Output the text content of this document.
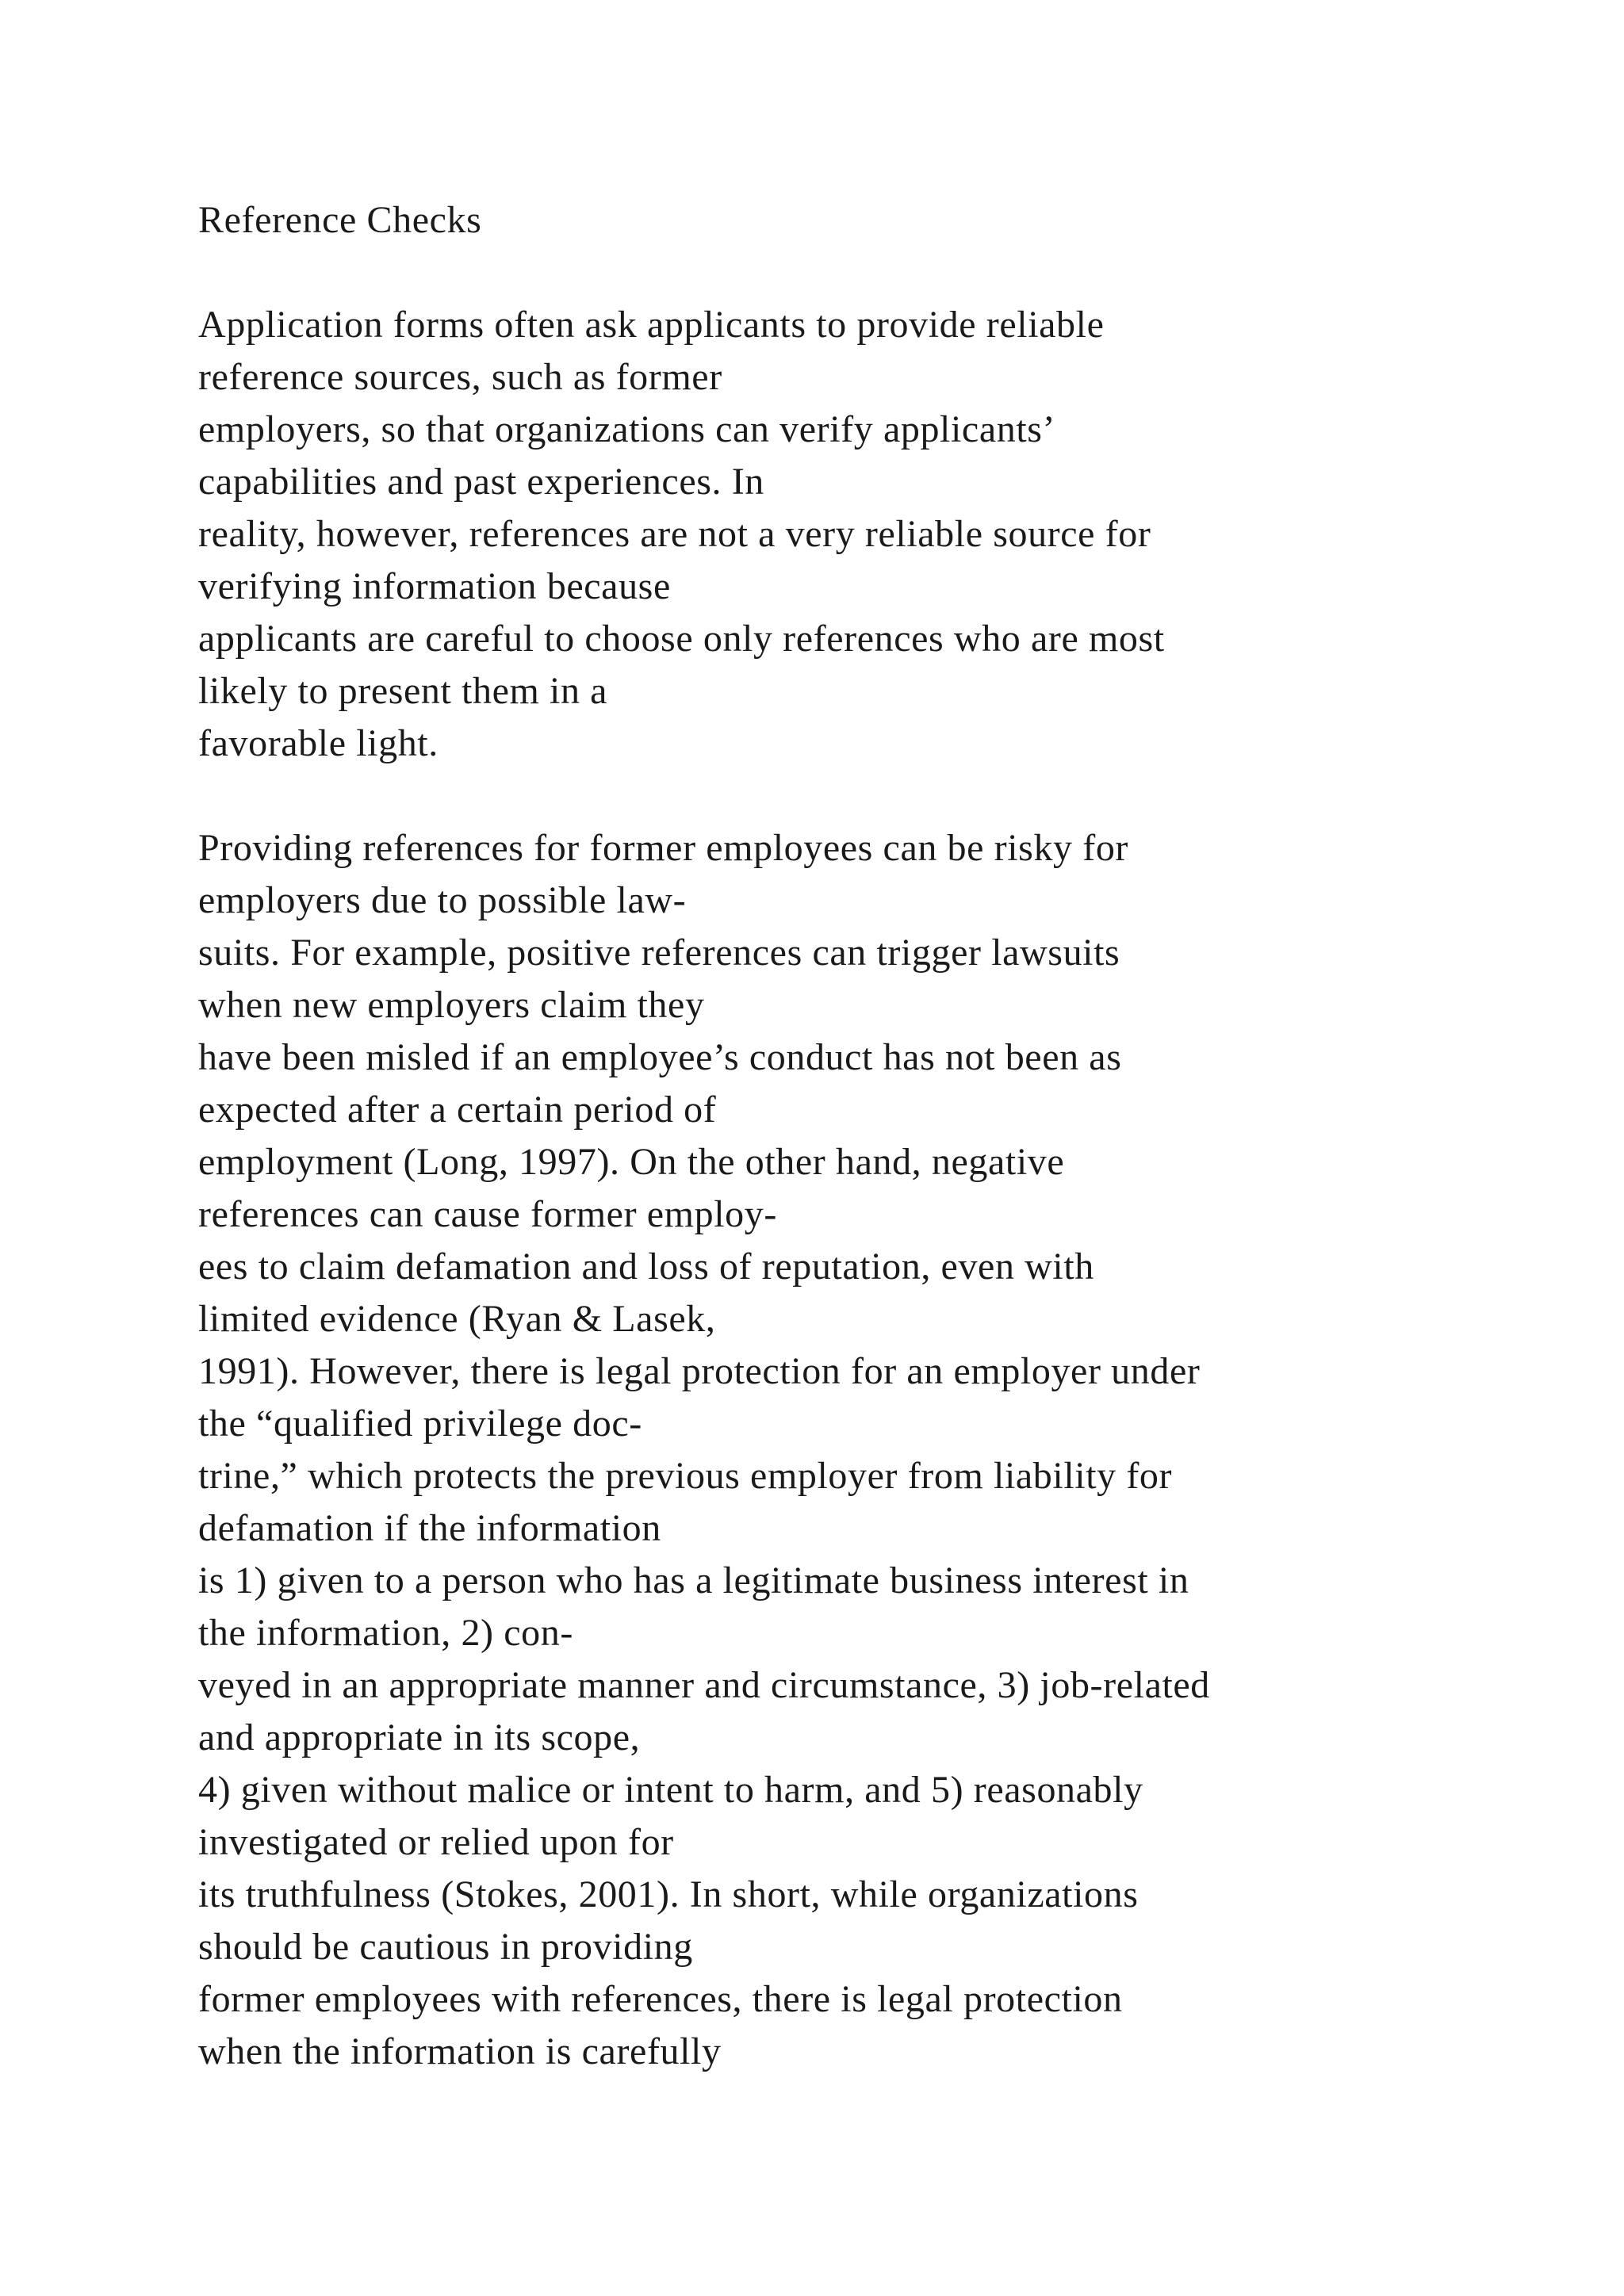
Reference Checks
Application forms often ask applicants to provide reliable
reference sources, such as former
employers, so that organizations can verify applicants’
capabilities and past experiences. In
reality, however, references are not a very reliable source for
verifying information because
applicants are careful to choose only references who are most
likely to present them in a
favorable light.
Providing references for former employees can be risky for
employers due to possible law-
suits. For example, positive references can trigger lawsuits
when new employers claim they
have been misled if an employee’s conduct has not been as
expected after a certain period of
employment (Long, 1997). On the other hand, negative
references can cause former employ-
ees to claim defamation and loss of reputation, even with
limited evidence (Ryan & Lasek,
1991). However, there is legal protection for an employer under
the “qualified privilege doc-
trine,” which protects the previous employer from liability for
defamation if the information
is 1) given to a person who has a legitimate business interest in
the information, 2) con-
veyed in an appropriate manner and circumstance, 3) job-related
and appropriate in its scope,
4) given without malice or intent to harm, and 5) reasonably
investigated or relied upon for
its truthfulness (Stokes, 2001). In short, while organizations
should be cautious in providing
former employees with references, there is legal protection
when the information is carefully
